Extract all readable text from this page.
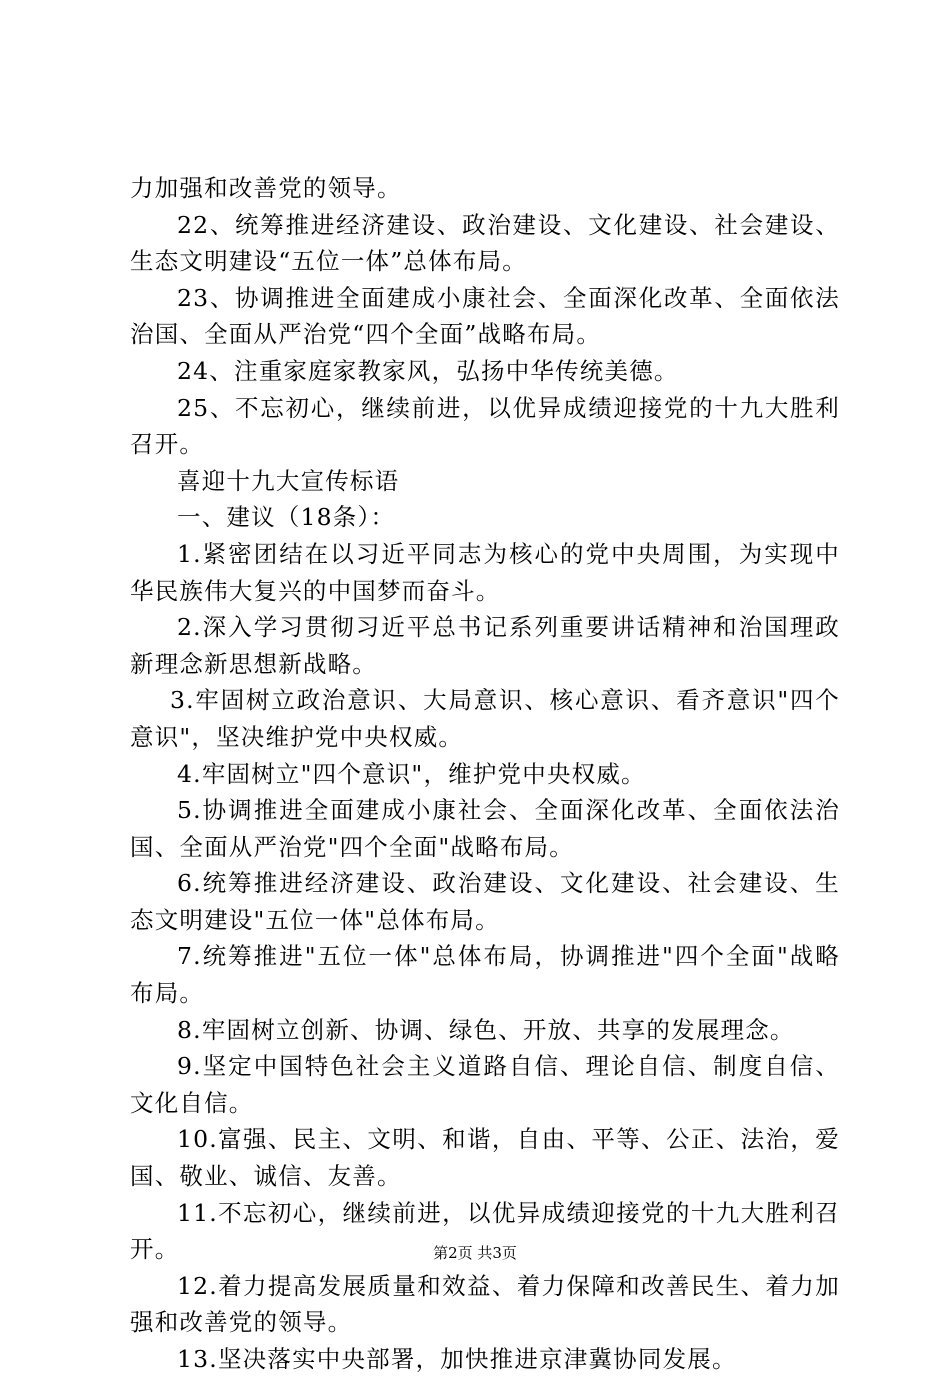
力加强和改善党的领导。

22、统筹推进经济建设、政治建设、文化建设、社会建设、生态文明建设“五位一体”总体布局。

23、协调推进全面建成小康社会、全面深化改革、全面依法治国、全面从严治党“四个全面”战略布局。

24、注重家庭家教家风，弘扬中华传统美德。

25、不忘初心，继续前进，以优异成绩迎接党的十九大胜利召开。

喜迎十九大宣传标语

一、建议（18条）：

1.紧密团结在以习近平同志为核心的党中央周围，为实现中华民族伟大复兴的中国梦而奋斗。

2.深入学习贯彻习近平总书记系列重要讲话精神和治国理政新理念新思想新战略。

3.牢固树立政治意识、大局意识、核心意识、看齐意识"四个意识"，坚决维护党中央权威。

4.牢固树立"四个意识"，维护党中央权威。

5.协调推进全面建成小康社会、全面深化改革、全面依法治国、全面从严治党"四个全面"战略布局。

6.统筹推进经济建设、政治建设、文化建设、社会建设、生态文明建设"五位一体"总体布局。

7.统筹推进"五位一体"总体布局，协调推进"四个全面"战略布局。

8.牢固树立创新、协调、绿色、开放、共享的发展理念。

9.坚定中国特色社会主义道路自信、理论自信、制度自信、文化自信。

10.富强、民主、文明、和谐，自由、平等、公正、法治，爱国、敬业、诚信、友善。

11.不忘初心，继续前进，以优异成绩迎接党的十九大胜利召开。

12.着力提高发展质量和效益、着力保障和改善民生、着力加强和改善党的领导。

13.坚决落实中央部署，加快推进京津冀协同发展。

第2页 共3页
